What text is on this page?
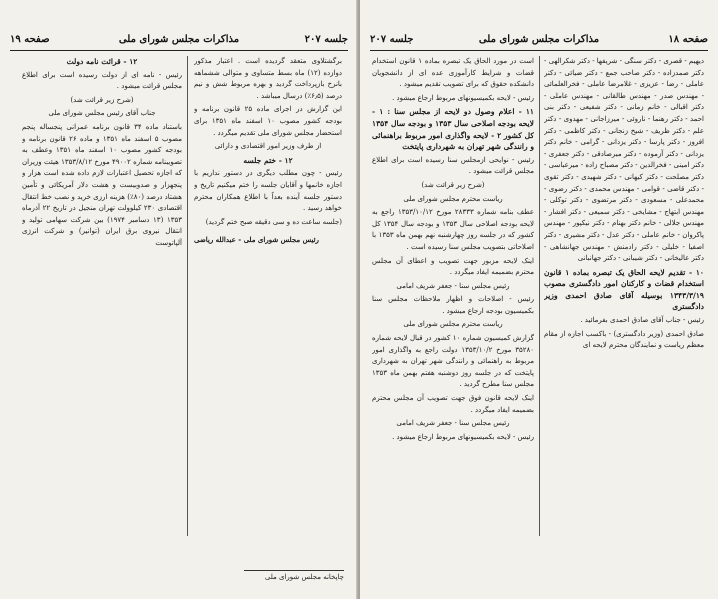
جلسه ۲۰۷
مذاکرات مجلس شورای ملی
صفحه ۱۹

برگشتلاوی متعقد گردیده است . اعتبار مذکور دوازده (۱۲) ماه بسط متساوی و متوالی ششماهه بانرخ بازپرداخت گردید و بهره مربوط شش و نیم درصد (۶٫۵٪) درسال میباشد .

این گزارش در اجرای ماده ۲۵ قانون برنامه و بودجه کشور مصوب ۱۰ اسفند ماه ۱۳۵۱ برای استحضار مجلس شورای ملی تقدیم میگردد .

از طرف وزیر امور اقتصادی و دارائی

۱۲ - ختم جلسه

رئیس - چون مطلب دیگری در دستور نداریم با اجازه خانمها و آقایان جلسه را ختم میکنیم تاریخ و دستور جلسه آینده بعداً با اطلاع همکاران محترم خواهد رسید .

(جلسه ساعت ده و سی دقیقه صبح ختم گردید)

رئیس مجلس شورای ملی - عبدالله ریاضی

۱۲ - قرائت نامه دولت

رئیس - نامه ای از دولت رسیده است برای اطلاع مجلس قرائت میشود .

(شرح زیر قرائت شد)

جناب آقای رئیس مجلس شورای ملی

باستناد ماده ۳۴ قانون برنامه عمرانی پنجساله پنجم مصوب ۵ اسفند ماه ۱۳۵۱ و ماده ۲۶ قانون برنامه و بودجه کشور مصوب ۱۰ اسفند ماه ۱۳۵۱ وعطف به تصویبنامه شماره ۴۹۰۰۲ مورخ ۱۳۵۳/۸/۱۲ هیئت وزیران که اجازه تحصیل اعتبارات لازم داده شده است هزار و پنجهزار و صدوبیست و هشت دلار آمریکائی و تأمین هشتاد درصد (۸۰٪) هزینه ارزی خرید و نصب خط انتقال اقتصادی ۲۳۰ کیلوولت تهران منجیل در تاریخ ۲۲ آذرماه ۱۳۵۳ (۱۳ دسامبر ۱۹۷۴) بین شرکت سهامی تولید و انتقال نیروی برق ایران (توانیر) و شرکت انرژی آلپاتوست

چاپخانه مجلس شورای ملی
صفحه ۱۸
مذاکرات مجلس شورای ملی
جلسه ۲۰۷

دیهیم - قصری - دکتر سنگی - شریفها - دکتر شکرالهی - دکتر صمدزاده - دکتر صاحب جمع - دکتر ضیائی - دکتر عاملی - رضا - عزیزی - غلامرضا عاملی - فخرالعلمائی - مهندس صدر - مهندس طالقانی - مهندس عاملی - دکتر اقبالی - خانم زمانی - دکتر شفیعی - دکتر بنی احمد - دکتر رهنما - ناروئی - میرزاجانی - مهدوی - دکتر علم - دکتر ظریف - شیخ زنجانی - دکتر کاظمی - دکتر افروز - دکتر پارسا - دکتر یزدانی - گرامی - خانم دکتر یزدانی - دکتر آزموده - دکتر میرصادقی - دکتر جعفری - دکتر امینی - فخرالدین - دکتر مصباح زاده - میرعباسی - دکتر مصلحت - دکتر کیهانی - دکتر شهیدی - دکتر تقوی - دکتر قاضی - قوامی - مهندس محمدی - دکتر رضوی - محمدعلی - مسعودی - دکتر مرتضوی - دکتر توکلی - مهندس ابتهاج - مشایخی - دکتر سمیعی - دکتر افشار - مهندس جلالی - خانم دکتر بهنام - دکتر نیکپور - مهندس پاکروان - خانم عاملی - دکتر عدل - دکتر مشیری - دکتر اصفیا - خلیلی - دکتر رادمنش - مهندس جهانشاهی - دکتر عالیخانی - دکتر شیبانی - دکتر جهانبانی

۱۰ - تقدیم لایحه الحاق یک تبصره بماده ۱ قانون استخدام قضات و کارکنان امور دادگستری مصوب ۱۳۴۳/۳/۱۹ بوسیله آقای صادق احمدی وزیر دادگستری

رئیس - جناب آقای صادق احمدی بفرمائید .

صادق احمدی (وزیر دادگستری) - باکسب اجازه از مقام معظم ریاست و نمایندگان محترم لایحه ای

است در مورد الحاق یک تبصره بماده ۱ قانون استخدام قضات و شرایط کارآموزی عده ای از دانشجویان دانشکده حقوق که برای تصویب تقدیم میشود .

رئیس - لایحه بکمیسیونهای مربوط ارجاع میشود .

۱۱ - اعلام وصول دو لایحه از مجلس سنا : ۱ - لایحه بودجه اصلاحی سال ۱۳۵۳ و بودجه سال ۱۳۵۴ کل کشور ۲ - لایحه واگذاری امور مربوط براهنمائی و رانندگی شهر تهران به شهرداری پایتخت

رئیس - نوایحی ازمجلس سنا رسیده است برای اطلاع مجلس قرائت میشود .

(شرح زیر قرائت شد)

ریاست محترم مجلس شورای ملی

عطف بنامه شماره ۲۸۳۳۳ مورخ ۱۳۵۳/۱۰/۱۲ راجع به لایحه بودجه اصلاحی سال ۱۳۵۳ و بودجه سال ۱۳۵۴ کل کشور که در جلسه روز چهارشنبه نهم بهمن ماه ۱۳۵۳ با اصلاحاتی بتصویب مجلس سنا رسیده است .

اینک لایحه مزبور جهت تصویب و اعطای آن مجلس محترم بضمیمه ایفاد میگردد .

رئیس مجلس سنا - جعفر شریف امامی

رئیس - اصلاحات و اظهار ملاحظات مجلس سنا بکمیسیون بودجه ارجاع میشود .

ریاست محترم مجلس شورای ملی

گزارش کمیسیون شماره ۱۰ کشور در قبال لایحه شماره ۳۵۲۸۰ مورخ ۱۳۵۳/۱۰/۲ دولت راجع به واگذاری امور مربوط به راهنمائی و رانندگی شهر تهران به شهرداری پایتخت که در جلسه روز دوشنبه هفتم بهمن ماه ۱۳۵۳ مجلس سنا مطرح گردید .

اینک لایحه قانون فوق جهت تصویب آن مجلس محترم بضمیمه ایفاد میگردد .

رئیس مجلس سنا - جعفر شریف امامی

رئیس - لایحه بکمیسیونهای مربوط ارجاع میشود .
